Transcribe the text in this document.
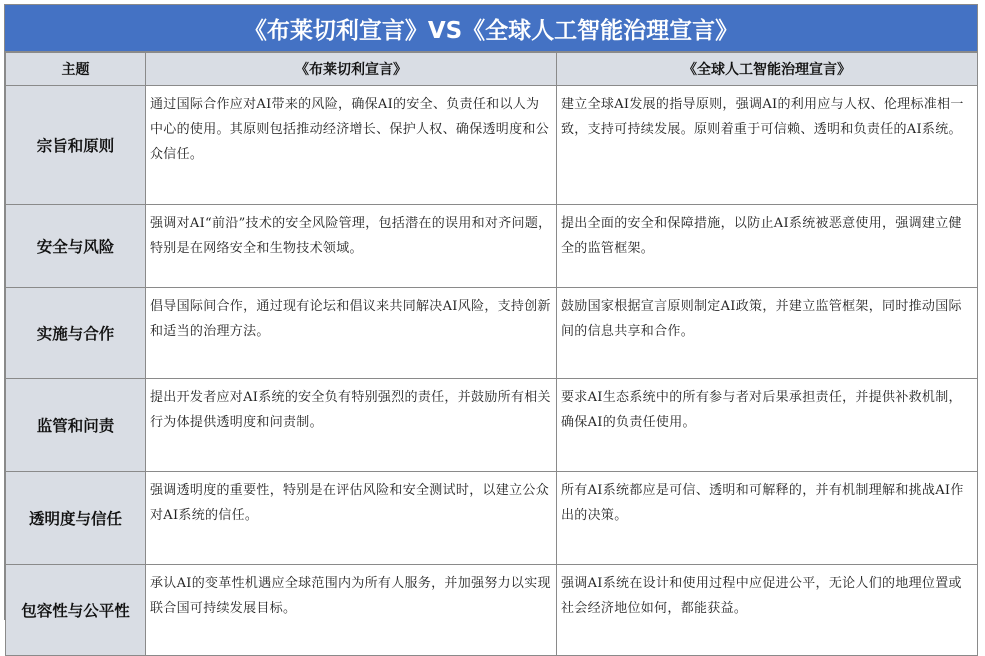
《布莱切利宣言》VS《全球人工智能治理宣言》
主题	《布莱切利宣言》	《全球人工智能治理宣言》
宗旨和原则	通过国际合作应对AI带来的风险，确保AI的安全、负责任和以人为中心的使用。其原则包括推动经济增长、保护人权、确保透明度和公众信任。	建立全球AI发展的指导原则，强调AI的利用应与人权、伦理标准相一致，支持可持续发展。原则着重于可信赖、透明和负责任的AI系统。
安全与风险	强调对AI“前沿”技术的安全风险管理，包括潜在的误用和对齐问题，特别是在网络安全和生物技术领域。	提出全面的安全和保障措施，以防止AI系统被恶意使用，强调建立健全的监管框架。
实施与合作	倡导国际间合作，通过现有论坛和倡议来共同解决AI风险，支持创新和适当的治理方法。	鼓励国家根据宣言原则制定AI政策，并建立监管框架，同时推动国际间的信息共享和合作。
监管和问责	提出开发者应对AI系统的安全负有特别强烈的责任，并鼓励所有相关行为体提供透明度和问责制。	要求AI生态系统中的所有参与者对后果承担责任，并提供补救机制，确保AI的负责任使用。
透明度与信任	强调透明度的重要性，特别是在评估风险和安全测试时，以建立公众对AI系统的信任。	所有AI系统都应是可信、透明和可解释的，并有机制理解和挑战AI作出的决策。
包容性与公平性	承认AI的变革性机遇应全球范围内为所有人服务，并加强努力以实现联合国可持续发展目标。	强调AI系统在设计和使用过程中应促进公平，无论人们的地理位置或社会经济地位如何，都能获益。
